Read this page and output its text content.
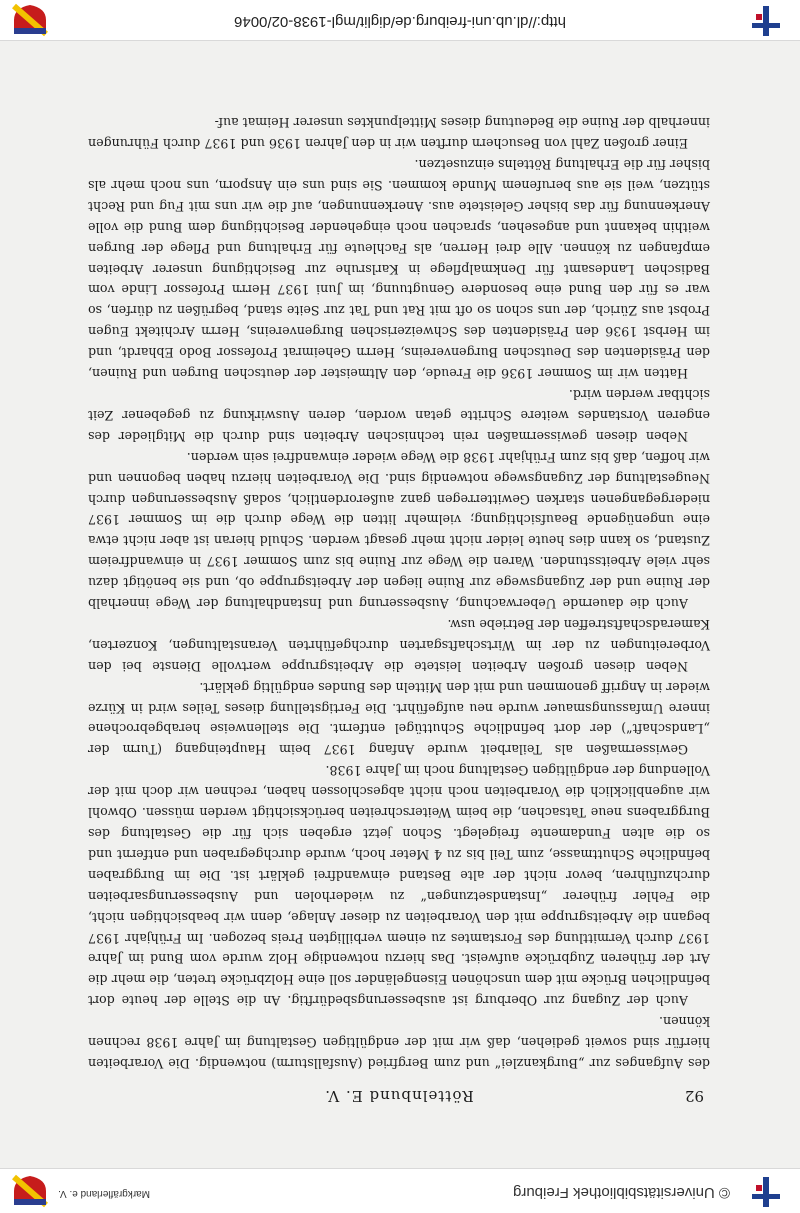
© Universitätsbibliothek Freiburg
Markgräflerland e. V.
92
Röttelnbund E. V.

des Aufganges zur „Burgkanzlei“ und zum Bergfried (Ausfallsturm) notwendig. Die Vorarbeiten hierfür sind soweit gediehen, daß wir mit der endgültigen Gestaltung im Jahre 1938 rechnen können.

Auch der Zugang zur Oberburg ist ausbesserungsbedürftig. An die Stelle der heute dort befindlichen Brücke mit dem unschönen Eisengeländer soll eine Holzbrücke treten, die mehr die Art der früheren Zugbrücke aufweist. Das hierzu notwendige Holz wurde vom Bund im Jahre 1937 durch Vermittlung des Forstamtes zu einem verbilligten Preis bezogen. Im Frühjahr 1937 begann die Arbeitsgruppe mit den Vorarbeiten zu dieser Anlage, denn wir beabsichtigen nicht, die Fehler früherer „Instandsetzungen“ zu wiederholen und Ausbesserungsarbeiten durchzuführen, bevor nicht der alte Bestand einwandfrei geklärt ist. Die im Burggraben befindliche Schuttmasse, zum Teil bis zu 4 Meter hoch, wurde durchgegraben und entfernt und so die alten Fundamente freigelegt. Schon jetzt ergeben sich für die Gestaltung des Burggrabens neue Tatsachen, die beim Weiterschreiten berücksichtigt werden müssen. Obwohl wir augenblicklich die Vorarbeiten noch nicht abgeschlossen haben, rechnen wir doch mit der Vollendung der endgültigen Gestaltung noch im Jahre 1938.

Gewissermaßen als Teilarbeit wurde Anfang 1937 beim Haupteingang (Turm der „Landschaft“) der dort befindliche Schuttügel entfernt. Die stellenweise herabgebrochene innere Umfassungsmauer wurde neu aufgeführt. Die Fertigstellung dieses Teiles wird in Kürze wieder in Angriff genommen und mit den Mitteln des Bundes endgültig geklärt.

Neben diesen großen Arbeiten leistete die Arbeitsgruppe wertvolle Dienste bei den Vorbereitungen zu der im Wirtschaftsgarten durchgeführten Veranstaltungen, Konzerten, Kameradschaftstreffen der Betriebe usw.

Auch die dauernde Ueberwachung, Ausbesserung und Instandhaltung der Wege innerhalb der Ruine und der Zugangswege zur Ruine liegen der Arbeitsgruppe ob, und sie benötigt dazu sehr viele Arbeitsstunden. Waren die Wege zur Ruine bis zum Sommer 1937 in einwandfreiem Zustand, so kann dies heute leider nicht mehr gesagt werden. Schuld hieran ist aber nicht etwa eine ungenügende Beaufsichtigung; vielmehr litten die Wege durch die im Sommer 1937 niedergegangenen starken Gewitterregen ganz außerordentlich, sodaß Ausbesserungen durch Neugestaltung der Zugangswege notwendig sind. Die Vorarbeiten hierzu haben begonnen und wir hoffen, daß bis zum Frühjahr 1938 die Wege wieder einwandfrei sein werden.

Neben diesen gewissermaßen rein technischen Arbeiten sind durch die Mitglieder des engeren Vorstandes weitere Schritte getan worden, deren Auswirkung zu gegebener Zeit sichtbar werden wird.

Hatten wir im Sommer 1936 die Freude, den Altmeister der deutschen Burgen und Ruinen, den Präsidenten des Deutschen Burgenvereins, Herrn Geheimrat Professor Bodo Ebhardt, und im Herbst 1936 den Präsidenten des Schweizerischen Burgenvereins, Herrn Architekt Eugen Probst aus Zürich, der uns schon so oft mit Rat und Tat zur Seite stand, begrüßen zu dürfen, so war es für den Bund eine besondere Genugtuung, im Juni 1937 Herrn Professor Linde vom Badischen Landesamt für Denkmalpflege in Karlsruhe zur Besichtigung unserer Arbeiten empfangen zu können. Alle drei Herren, als Fachleute für Erhaltung und Pflege der Burgen weithin bekannt und angesehen, sprachen noch eingehender Besichtigung dem Bund die volle Anerkennung für das bisher Geleistete aus. Anerkennungen, auf die wir uns mit Fug und Recht stützen, weil sie aus berufenem Munde kommen. Sie sind uns ein Ansporn, uns noch mehr als bisher für die Erhaltung Röttelns einzusetzen.

Einer großen Zahl von Besuchern durften wir in den Jahren 1936 und 1937 durch Führungen innerhalb der Ruine die Bedeutung dieses Mittelpunktes unserer Heimat auf-

http://dl.ub.uni-freiburg.de/diglit/mgl-1938-02/0046
